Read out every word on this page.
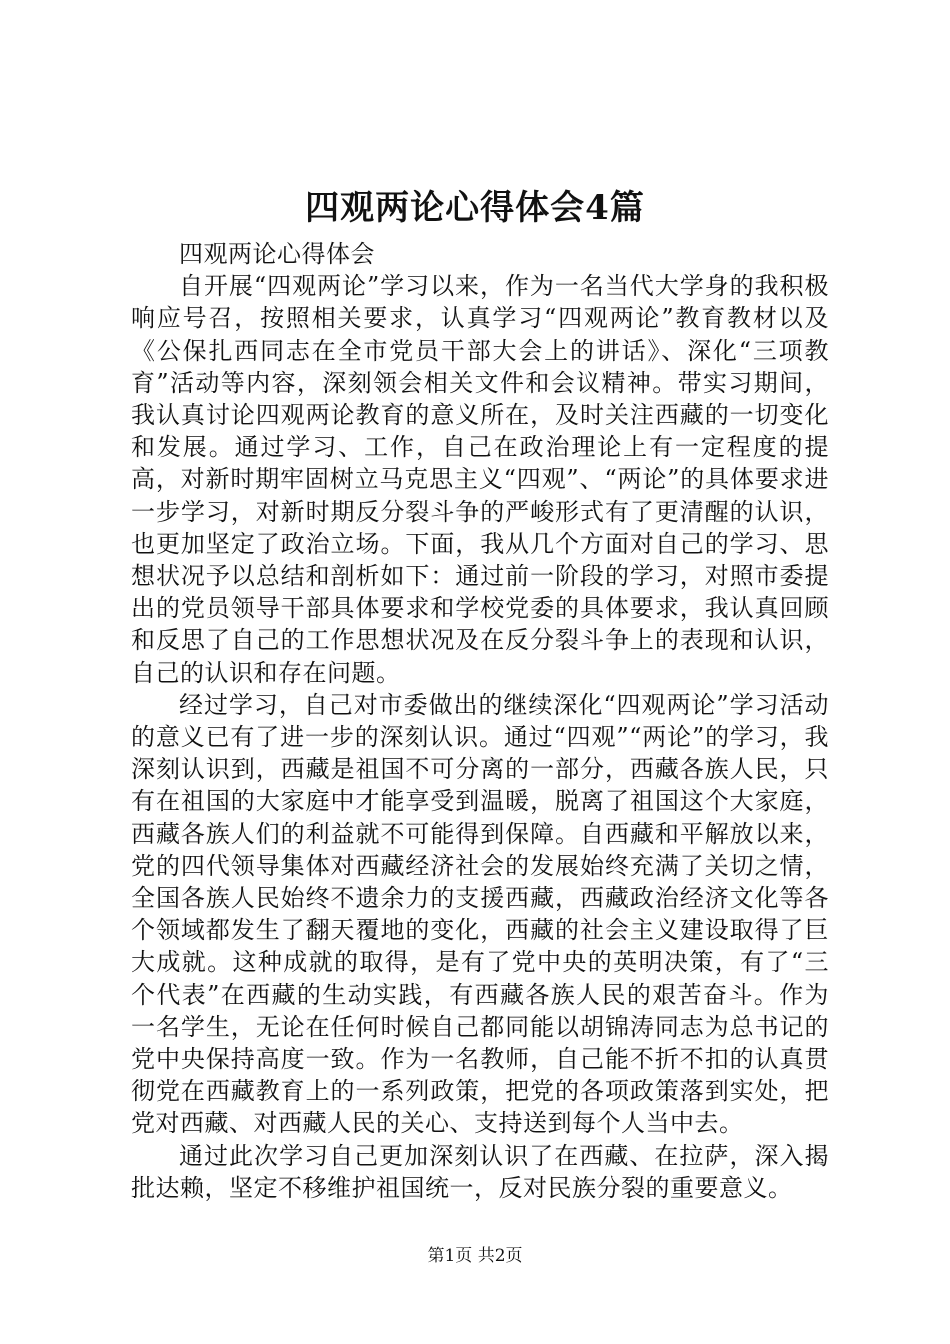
四观两论心得体会4篇

四观两论心得体会

自开展“四观两论”学习以来，作为一名当代大学身的我积极响应号召，按照相关要求，认真学习“四观两论”教育教材以及《公保扎西同志在全市党员干部大会上的讲话》、深化“三项教育”活动等内容，深刻领会相关文件和会议精神。带实习期间，我认真讨论四观两论教育的意义所在，及时关注西藏的一切变化和发展。通过学习、工作，自己在政治理论上有一定程度的提高，对新时期牢固树立马克思主义“四观”、“两论”的具体要求进一步学习，对新时期反分裂斗争的严峻形式有了更清醒的认识，也更加坚定了政治立场。下面，我从几个方面对自己的学习、思想状况予以总结和剖析如下：通过前一阶段的学习，对照市委提出的党员领导干部具体要求和学校党委的具体要求，我认真回顾和反思了自己的工作思想状况及在反分裂斗争上的表现和认识，自己的认识和存在问题。

经过学习，自己对市委做出的继续深化“四观两论”学习活动的意义已有了进一步的深刻认识。通过“四观”“两论”的学习，我深刻认识到，西藏是祖国不可分离的一部分，西藏各族人民，只有在祖国的大家庭中才能享受到温暖，脱离了祖国这个大家庭，西藏各族人们的利益就不可能得到保障。自西藏和平解放以来，党的四代领导集体对西藏经济社会的发展始终充满了关切之情，全国各族人民始终不遗余力的支援西藏，西藏政治经济文化等各个领域都发生了翻天覆地的变化，西藏的社会主义建设取得了巨大成就。这种成就的取得，是有了党中央的英明决策，有了“三个代表”在西藏的生动实践，有西藏各族人民的艰苦奋斗。作为一名学生，无论在任何时候自己都同能以胡锦涛同志为总书记的党中央保持高度一致。作为一名教师，自己能不折不扣的认真贯彻党在西藏教育上的一系列政策，把党的各项政策落到实处，把党对西藏、对西藏人民的关心、支持送到每个人当中去。

通过此次学习自己更加深刻认识了在西藏、在拉萨，深入揭批达赖，坚定不移维护祖国统一，反对民族分裂的重要意义。

第1页 共2页
